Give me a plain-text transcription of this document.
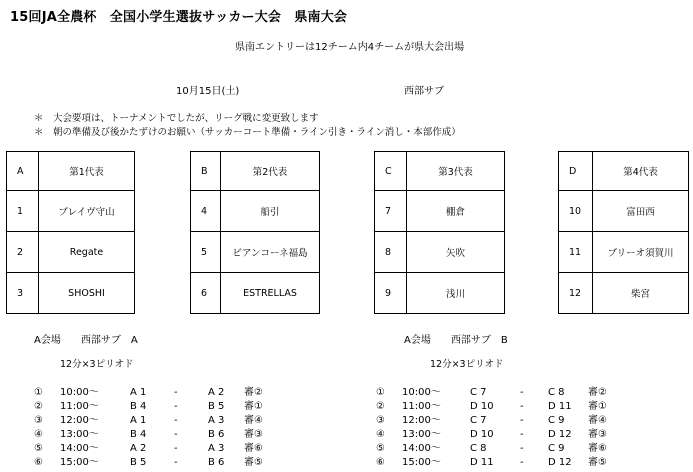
15回JA全農杯　全国小学生選抜サッカー大会　県南大会
県南エントリーは12チーム内4チームが県大会出場
10月15日(土)	西部サブ
＊　大会要項は、トーナメントでしたが、リーグ戦に変更致します
＊　朝の準備及び後かたずけのお願い（サッカーコート準備・ライン引き・ライン消し・本部作成）
A	第1代表
1	ブレイヴ守山
2	Regate
3	SHOSHI
B	第2代表
4	船引
5	ビアンコーネ福島
6	ESTRELLAS
C	第3代表
7	棚倉
8	矢吹
9	浅川
D	第4代表
10	富田西
11	ブリーオ須賀川
12	柴宮
A会場　　西部サブ　A
12分×3ピリオド
① 10:00〜	A 1	-	A 2 審②
② 11:00〜	B 4	-	B 5 審①
③ 12:00〜	A 1	-	A 3 審④
④ 13:00〜	B 4	-	B 6 審③
⑤ 14:00〜	A 2	-	A 3 審⑥
⑥ 15:00〜	B 5	-	B 6 審⑤
A会場　　西部サブ　B
12分×3ピリオド
① 10:00〜	C 7	- C 8 審②
② 11:00〜	D 10	- D 11 審①
③ 12:00〜	C 7	- C 9 審④
④ 13:00〜	D 10	- D 12 審③
⑤ 14:00〜	C 8	- C 9 審⑥
⑥ 15:00〜	D 11	- D 12 審⑤
